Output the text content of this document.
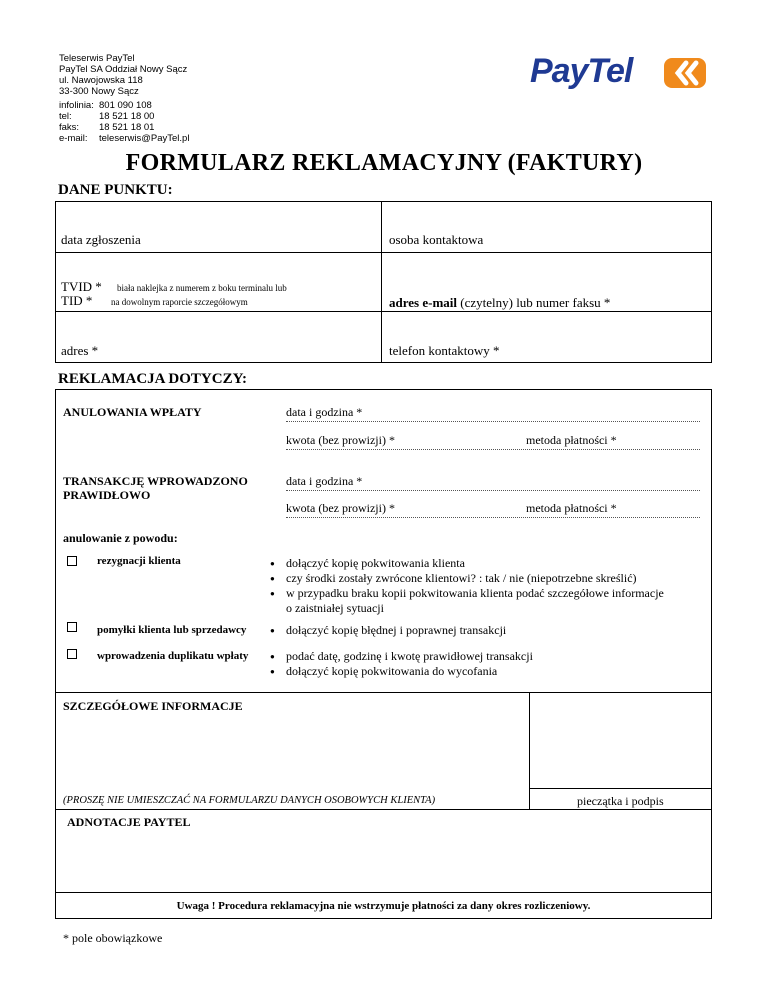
Teleserwis PayTel
PayTel SA Oddział Nowy Sącz
ul. Nawojowska 118
33-300 Nowy Sącz
infolinia: 801 090 108
tel:	18 521 18 00
faks:	18 521 18 01
e-mail:	teleserwis@PayTel.pl
PayTel
FORMULARZ REKLAMACYJNY (FAKTURY)
DANE PUNKTU:
data zgłoszenia	osoba kontaktowa
TVID *
TID *
biała naklejka z numerem z boku terminalu lub
na dowolnym raporcie szczegółowym	adres e-mail (czytelny) lub numer faksu *
adres *	telefon kontaktowy *
REKLAMACJA DOTYCZY:
ANULOWANIA WPŁATY	data i godzina *
kwota (bez prowizji) *	metoda płatności *
TRANSAKCJĘ WPROWADZONO
PRAWIDŁOWO
data i godzina *
kwota (bez prowizji) *	metoda płatności *
anulowanie z powodu:
rezygnacji klienta	● dołączyć kopię pokwitowania klienta
● czy środki zostały zwrócone klientowi? : tak / nie (niepotrzebne skreślić)
● w przypadku braku kopii pokwitowania klienta podać szczegółowe informacje
o zaistniałej sytuacji
pomyłki klienta lub sprzedawcy	● dołączyć kopię błędnej i poprawnej transakcji
wprowadzenia duplikatu wpłaty	● podać datę, godzinę i kwotę prawidłowej transakcji
● dołączyć kopię pokwitowania do wycofania
SZCZEGÓŁOWE INFORMACJE
(PROSZĘ NIE UMIESZCZAĆ NA FORMULARZU DANYCH OSOBOWYCH KLIENTA)	pieczątka i podpis
ADNOTACJE PAYTEL
Uwaga ! Procedura reklamacyjna nie wstrzymuje płatności za dany okres rozliczeniowy.
* pole obowiązkowe
